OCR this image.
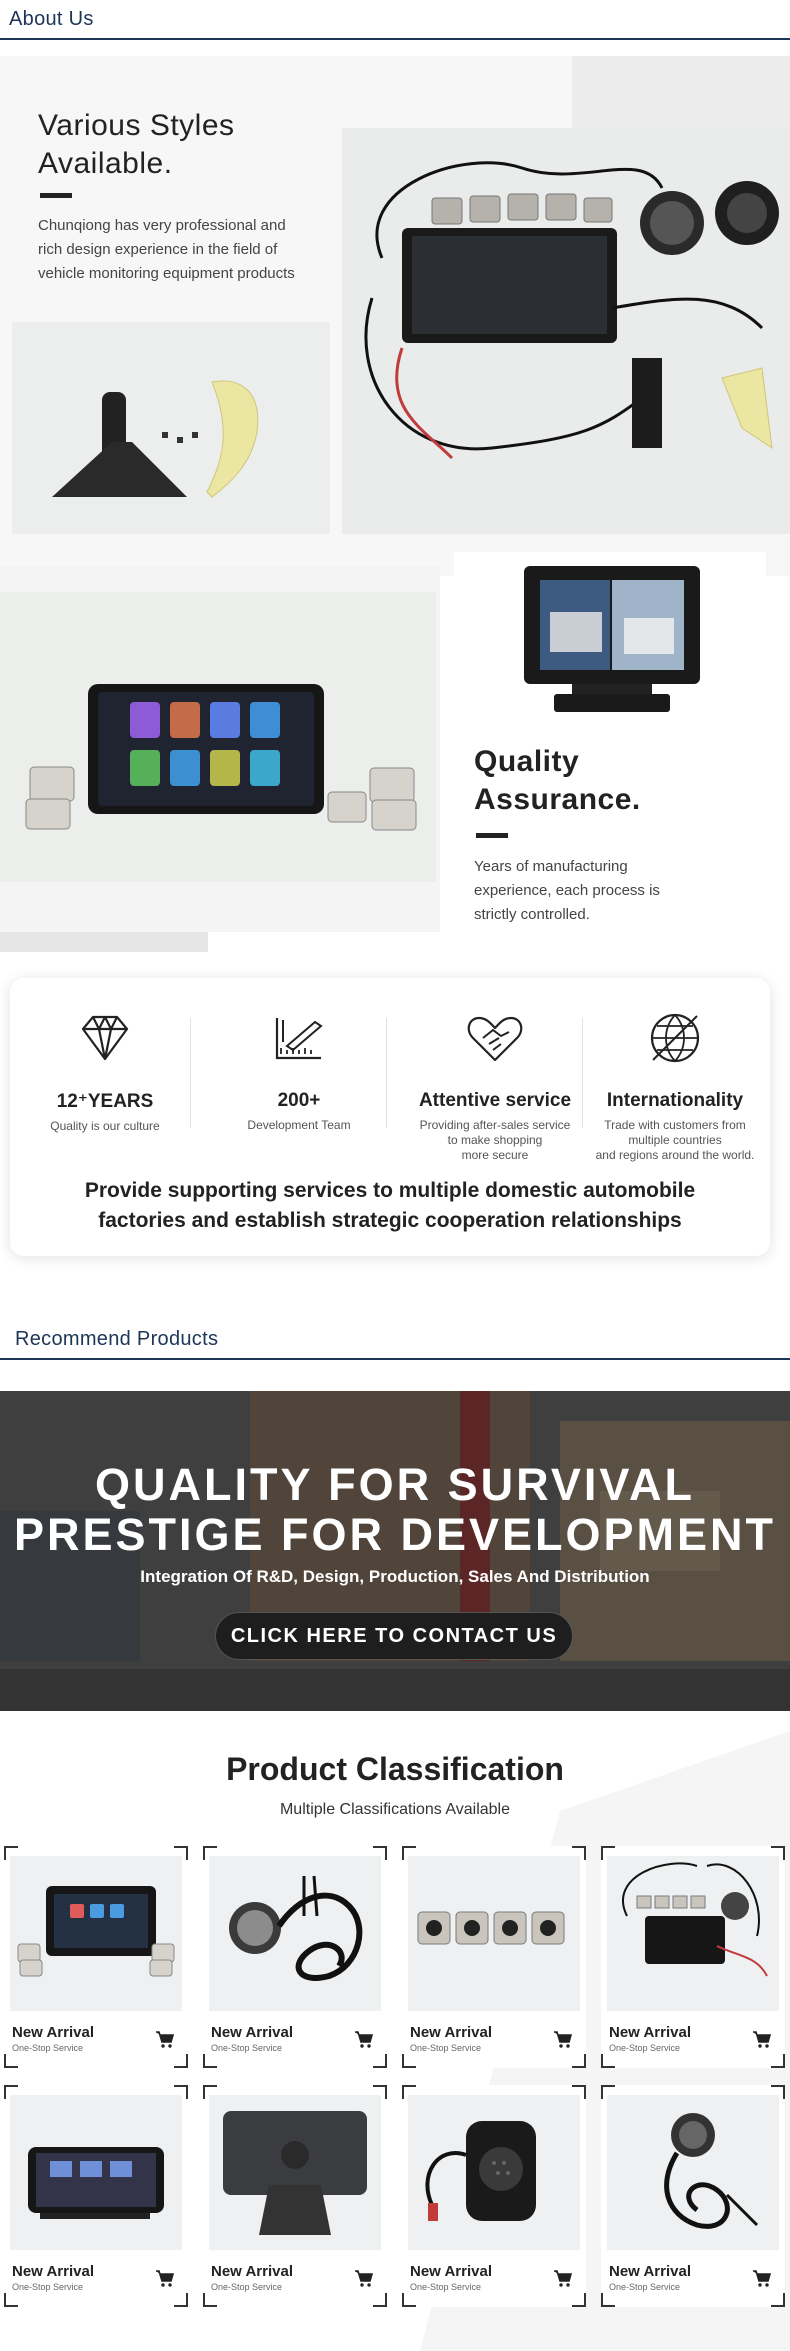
About Us
Various Styles
Available.
Chunqiong has very professional and
rich design experience in the field of
vehicle monitoring equipment products
Quality
Assurance.
Years of manufacturing
experience, each process is
strictly controlled.
12⁺YEARS
Quality is our culture
200+
Development Team
Attentive service
Providing after-sales service
to make shopping
more secure
Internationality
Trade with customers from
multiple countries
and regions around the world.
Provide supporting services to multiple domestic automobile
factories and establish strategic cooperation relationships
Recommend Products
QUALITY FOR SURVIVAL
PRESTIGE FOR DEVELOPMENT
Integration Of R&D, Design, Production, Sales And Distribution
CLICK HERE TO CONTACT US
Product Classification
Multiple Classifications Available
New Arrival
One-Stop Service
New Arrival
One-Stop Service
New Arrival
One-Stop Service
New Arrival
One-Stop Service
New Arrival
One-Stop Service
New Arrival
One-Stop Service
New Arrival
One-Stop Service
New Arrival
One-Stop Service
